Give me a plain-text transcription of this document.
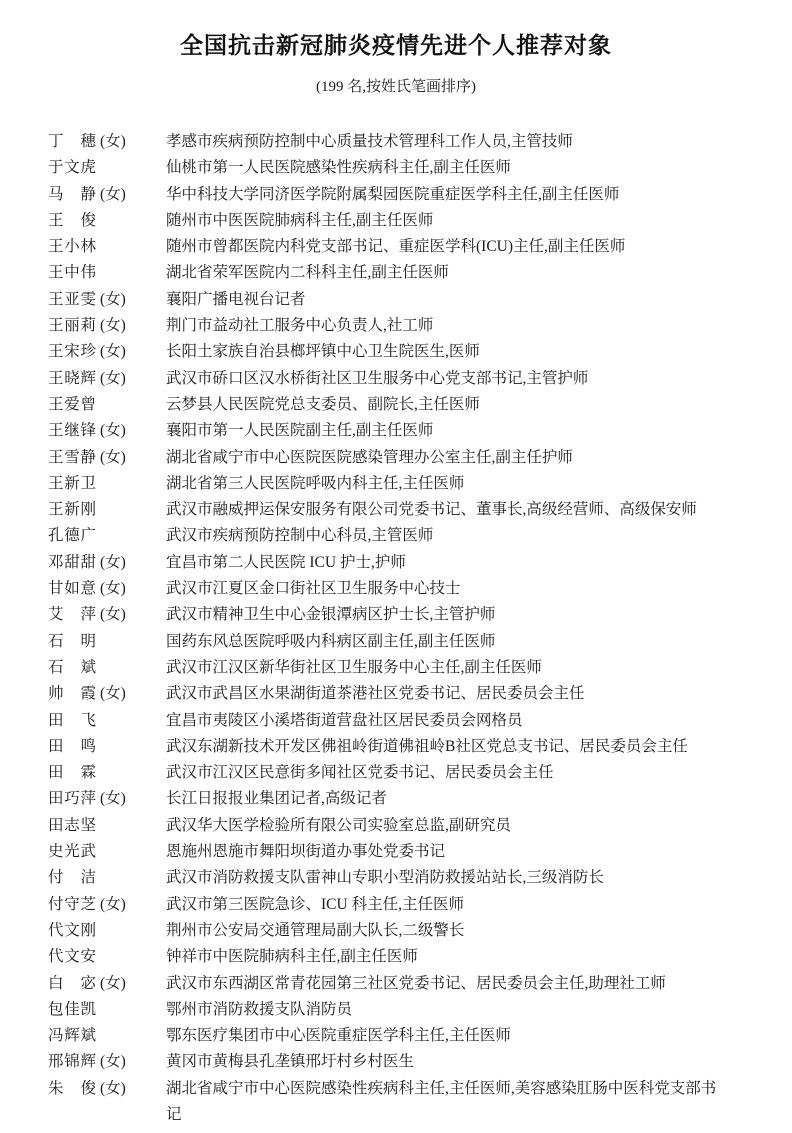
全国抗击新冠肺炎疫情先进个人推荐对象
(199 名,按姓氏笔画排序)
丁穗 (女)	孝感市疾病预防控制中心质量技术管理科工作人员,主管技师
于文虎	仙桃市第一人民医院感染性疾病科主任,副主任医师
马静 (女)	华中科技大学同济医学院附属梨园医院重症医学科主任,副主任医师
王俊	随州市中医医院肺病科主任,副主任医师
王小林	随州市曾都医院内科党支部书记、重症医学科(ICU)主任,副主任医师
王中伟	湖北省荣军医院内二科科主任,副主任医师
王亚雯 (女)	襄阳广播电视台记者
王丽莉 (女)	荆门市益动社工服务中心负责人,社工师
王宋珍 (女)	长阳土家族自治县榔坪镇中心卫生院医生,医师
王晓辉 (女)	武汉市硚口区汉水桥街社区卫生服务中心党支部书记,主管护师
王爱曾	云梦县人民医院党总支委员、副院长,主任医师
王继锋 (女)	襄阳市第一人民医院副主任,副主任医师
王雪静 (女)	湖北省咸宁市中心医院医院感染管理办公室主任,副主任护师
王新卫	湖北省第三人民医院呼吸内科主任,主任医师
王新刚	武汉市融威押运保安服务有限公司党委书记、董事长,高级经营师、高级保安师
孔德广	武汉市疾病预防控制中心科员,主管医师
邓甜甜 (女)	宜昌市第二人民医院 ICU 护士,护师
甘如意 (女)	武汉市江夏区金口街社区卫生服务中心技士
艾萍 (女)	武汉市精神卫生中心金银潭病区护士长,主管护师
石明	国药东风总医院呼吸内科病区副主任,副主任医师
石斌	武汉市江汉区新华街社区卫生服务中心主任,副主任医师
帅霞 (女)	武汉市武昌区水果湖街道茶港社区党委书记、居民委员会主任
田飞	宜昌市夷陵区小溪塔街道营盘社区居民委员会网格员
田鸣	武汉东湖新技术开发区佛祖岭街道佛祖岭B社区党总支书记、居民委员会主任
田霖	武汉市江汉区民意街多闻社区党委书记、居民委员会主任
田巧萍 (女)	长江日报报业集团记者,高级记者
田志坚	武汉华大医学检验所有限公司实验室总监,副研究员
史光武	恩施州恩施市舞阳坝街道办事处党委书记
付洁	武汉市消防救援支队雷神山专职小型消防救援站站长,三级消防长
付守芝 (女)	武汉市第三医院急诊、ICU 科主任,主任医师
代文刚	荆州市公安局交通管理局副大队长,二级警长
代文安	钟祥市中医院肺病科主任,副主任医师
白宓 (女)	武汉市东西湖区常青花园第三社区党委书记、居民委员会主任,助理社工师
包佳凯	鄂州市消防救援支队消防员
冯辉斌	鄂东医疗集团市中心医院重症医学科主任,主任医师
邢锦辉 (女)	黄冈市黄梅县孔垄镇邢圩村乡村医生
朱俊 (女)	湖北省咸宁市中心医院感染性疾病科主任,主任医师,美容感染肛肠中医科党支部书记
